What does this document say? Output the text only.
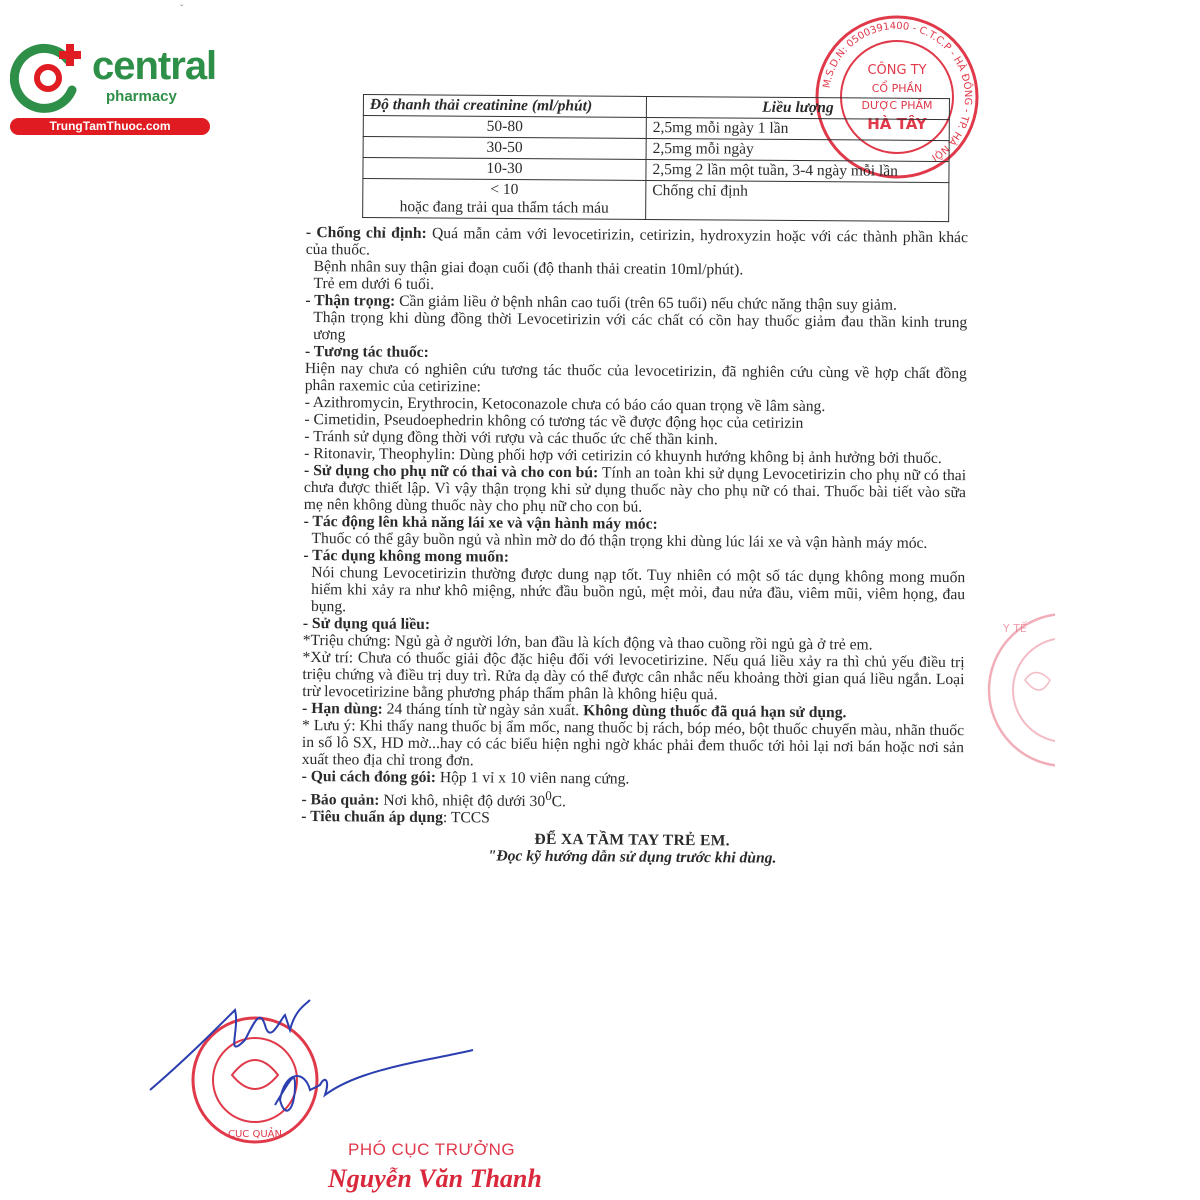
central
pharmacy
TrungTamThuoc.com
ˇ
M.S.D.N: 0500391400 - C.T.C.P - HÀ ĐÔNG - TP. HÀ NỘI
CÔNG TY
CỔ PHẦN
DƯỢC PHẨM
HÀ TÂY
Độ thanh thải creatinine (ml/phút)	Liều lượng
50-80	2,5mg mỗi ngày 1 lần
30-50	2,5mg mỗi ngày
10-30	2,5mg 2 lần một tuần, 3-4 ngày mỗi lần

< 10
hoặc đang trải qua thẩm tách máu	Chống chỉ định

- Chống chỉ định: Quá mẫn cảm với levocetirizin, cetirizin, hydroxyzin hoặc với các thành phần khác của thuốc.

Bệnh nhân suy thận giai đoạn cuối (độ thanh thải creatin 10ml/phút).

Trẻ em dưới 6 tuổi.

- Thận trọng: Cần giảm liều ở bệnh nhân cao tuổi (trên 65 tuổi) nếu chức năng thận suy giảm.

Thận trọng khi dùng đồng thời Levocetirizin với các chất có cồn hay thuốc giảm đau thần kinh trung ương

- Tương tác thuốc:

Hiện nay chưa có nghiên cứu tương tác thuốc của levocetirizin, đã nghiên cứu cùng về hợp chất đồng phân raxemic của cetirizine:

- Azithromycin, Erythrocin, Ketoconazole chưa có báo cáo quan trọng về lâm sàng.

- Cimetidin, Pseudoephedrin không có tương tác về được động học của cetirizin

- Tránh sử dụng đồng thời với rượu và các thuốc ức chế thần kinh.

- Ritonavir, Theophylin: Dùng phối hợp với cetirizin có khuynh hướng không bị ảnh hưởng bởi thuốc.

- Sử dụng cho phụ nữ có thai và cho con bú: Tính an toàn khi sử dụng Levocetirizin cho phụ nữ có thai chưa được thiết lập. Vì vậy thận trọng khi sử dụng thuốc này cho phụ nữ có thai. Thuốc bài tiết vào sữa mẹ nên không dùng thuốc này cho phụ nữ cho con bú.

- Tác động lên khả năng lái xe và vận hành máy móc:

Thuốc có thể gây buồn ngủ và nhìn mờ do đó thận trọng khi dùng lúc lái xe và vận hành máy móc.

- Tác dụng không mong muốn:

Nói chung Levocetirizin thường được dung nạp tốt. Tuy nhiên có một số tác dụng không mong muốn hiếm khi xảy ra như khô miệng, nhức đầu buồn ngủ, mệt mỏi, đau nửa đầu, viêm mũi, viêm họng, đau bụng.

- Sử dụng quá liều:

*Triệu chứng: Ngủ gà ở người lớn, ban đầu là kích động và thao cuồng rồi ngủ gà ở trẻ em.

*Xử trí: Chưa có thuốc giải độc đặc hiệu đối với levocetirizine. Nếu quá liều xảy ra thì chủ yếu điều trị triệu chứng và điều trị duy trì. Rửa dạ dày có thể được cân nhắc nếu khoảng thời gian quá liều ngắn. Loại trừ levocetirizine bằng phương pháp thẩm phân là không hiệu quả.

- Hạn dùng: 24 tháng tính từ ngày sản xuất. Không dùng thuốc đã quá hạn sử dụng.

* Lưu ý: Khi thấy nang thuốc bị ẩm mốc, nang thuốc bị rách, bóp méo, bột thuốc chuyển màu, nhãn thuốc in số lô SX, HD mờ...hay có các biểu hiện nghi ngờ khác phải đem thuốc tới hỏi lại nơi bán hoặc nơi sản xuất theo địa chỉ trong đơn.

- Qui cách đóng gói: Hộp 1 vỉ x 10 viên nang cứng.

- Bảo quản: Nơi khô, nhiệt độ dưới $30^0C$.

- Tiêu chuẩn áp dụng: TCCS

ĐỂ XA TẦM TAY TRẺ EM.

"Đọc kỹ hướng dẫn sử dụng trước khi dùng.

Y TẾ
CỤC QUẢN
PHÓ CỤC TRƯỞNG
Nguyễn Văn Thanh
